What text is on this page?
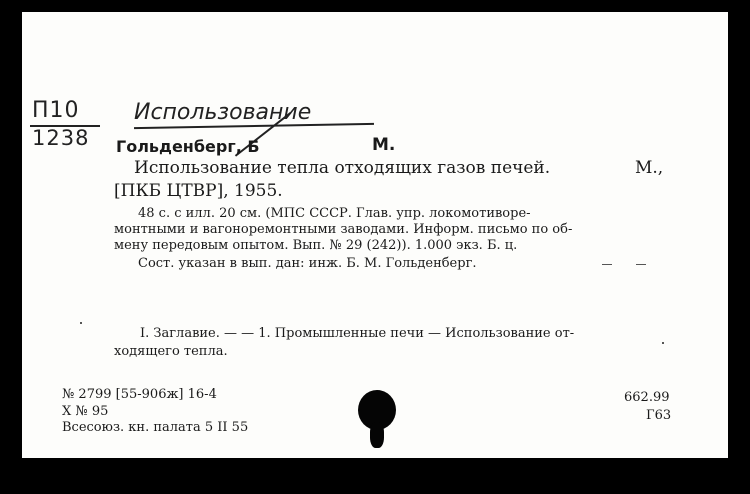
П10
1238
Использование
Гольденберг, Б	М.
Использование тепла отходящих газов печей.	М.,
[ПКБ ЦТВР], 1955.
48 с. с илл. 20 см. (МПС СССР. Глав. упр. локомотиворе-
монтными и вагоноремонтными заводами. Информ. письмо по об-
мену передовым опытом. Вып. № 29 (242)). 1.000 экз. Б. ц.
Сост. указан в вып. дан: инж. Б. М. Гольденберг.
I. Заглавие. — — 1. Промышленные печи — Использование от-
ходящего тепла.
№ 2799 [55-906ж] 16-4
X № 95
Всесоюз. кн. палата 5 II 55
662.99
Г63
